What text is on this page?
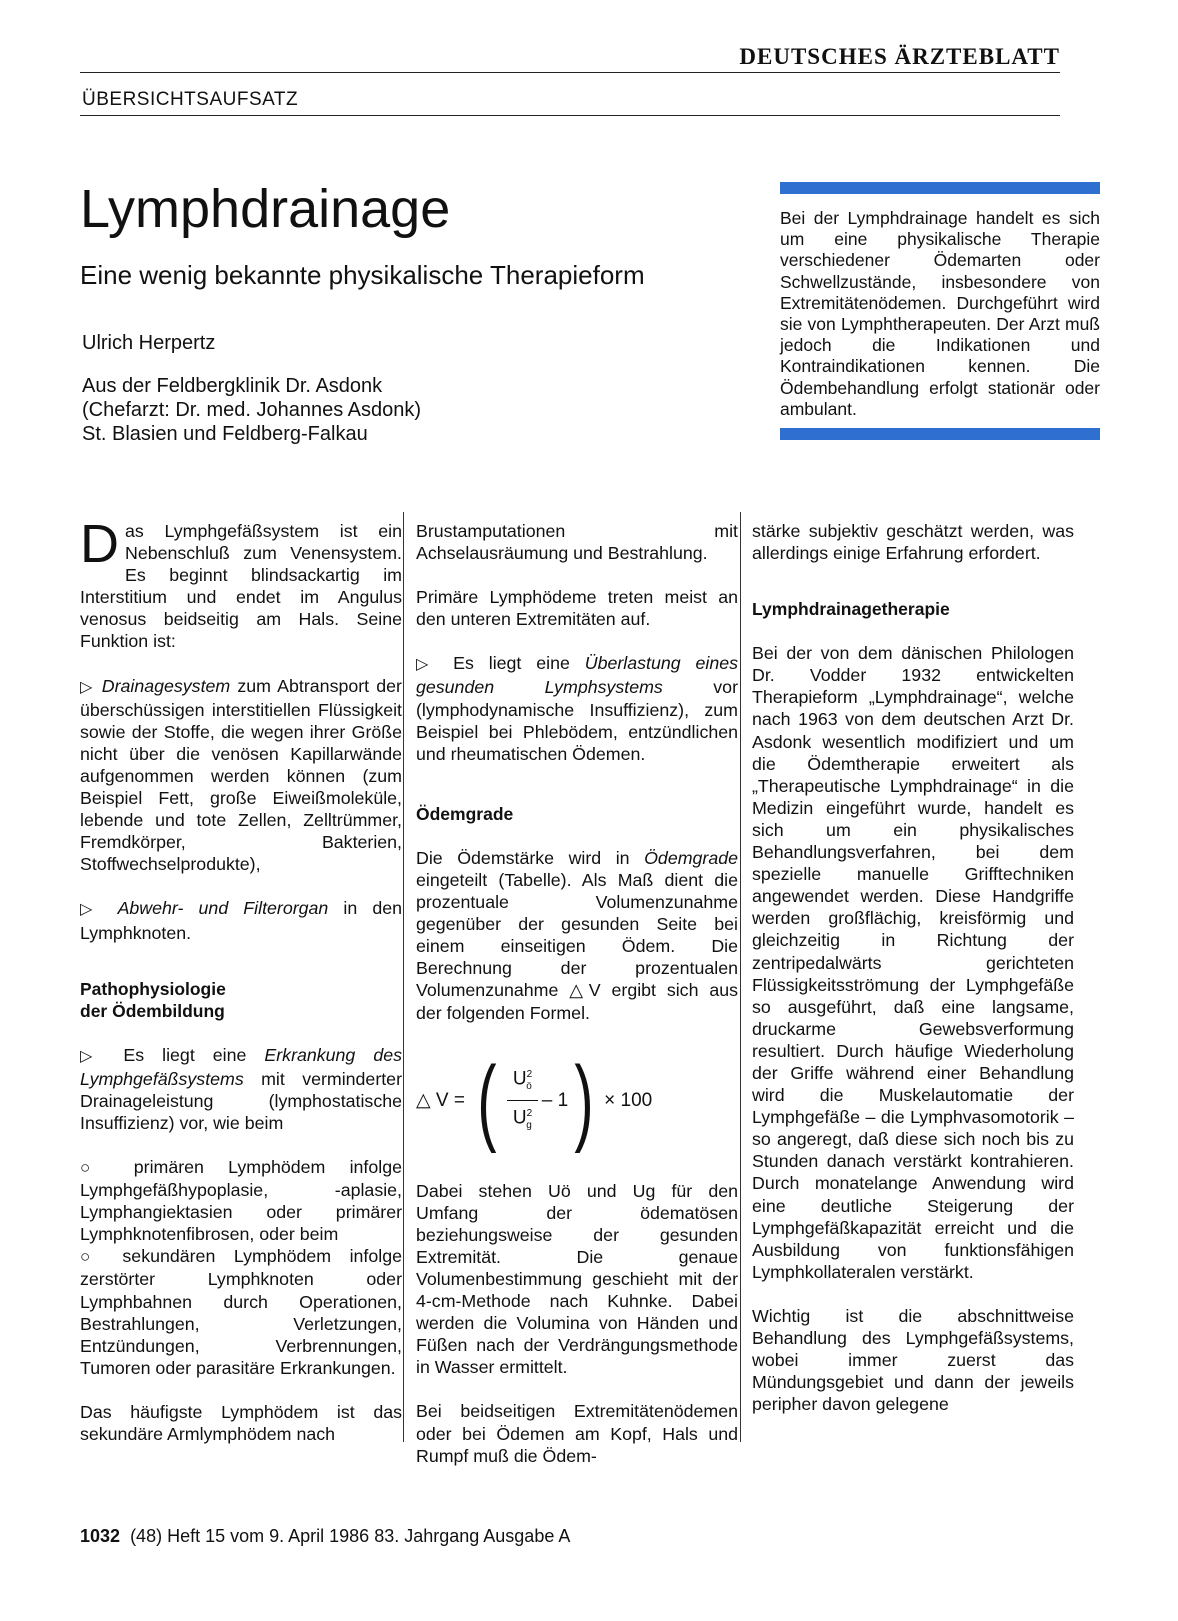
DEUTSCHES ÄRZTEBLATT
ÜBERSICHTSAUFSATZ
Lymphdrainage
Eine wenig bekannte physikalische Therapieform
Ulrich Herpertz
Aus der Feldbergklinik Dr. Asdonk
(Chefarzt: Dr. med. Johannes Asdonk)
St. Blasien und Feldberg-Falkau
Bei der Lymphdrainage handelt es sich um eine physikalische Therapie verschiedener Ödemarten oder Schwellzustände, insbesondere von Extremitätenödemen. Durchgeführt wird sie von Lymphtherapeuten. Der Arzt muß jedoch die Indikationen und Kontraindikationen kennen. Die Ödembehandlung erfolgt stationär oder ambulant.

Das Lymphgefäßsystem ist ein Nebenschluß zum Venensystem. Es beginnt blindsackartig im Interstitium und endet im Angulus venosus beidseitig am Hals. Seine Funktion ist:

▷ Drainagesystem zum Abtransport der überschüssigen interstitiellen Flüssigkeit sowie der Stoffe, die wegen ihrer Größe nicht über die venösen Kapillarwände aufgenommen werden können (zum Beispiel Fett, große Eiweißmoleküle, lebende und tote Zellen, Zelltrümmer, Fremdkörper, Bakterien, Stoffwechselprodukte),

▷ Abwehr- und Filterorgan in den Lymphknoten.

Pathophysiologie
der Ödembildung

▷ Es liegt eine Erkrankung des Lymphgefäßsystems mit verminderter Drainageleistung (lymphostatische Insuffizienz) vor, wie beim

○ primären Lymphödem infolge Lymphgefäßhypoplasie, -aplasie, Lymphangiektasien oder primärer Lymphknotenfibrosen, oder beim
○ sekundären Lymphödem infolge zerstörter Lymphknoten oder Lymphbahnen durch Operationen, Bestrahlungen, Verletzungen, Entzündungen, Verbrennungen, Tumoren oder parasitäre Erkrankungen.

Das häufigste Lymphödem ist das sekundäre Armlymphödem nach

Brustamputationen mit Achselausräumung und Bestrahlung.

Primäre Lymphödeme treten meist an den unteren Extremitäten auf.

▷ Es liegt eine Überlastung eines gesunden Lymphsystems vor (lymphodynamische Insuffizienz), zum Beispiel bei Phlebödem, entzündlichen und rheumatischen Ödemen.

Ödemgrade

Die Ödemstärke wird in Ödemgrade eingeteilt (Tabelle). Als Maß dient die prozentuale Volumenzunahme gegenüber der gesunden Seite bei einem einseitigen Ödem. Die Berechnung der prozentualen Volumenzunahme △V ergibt sich aus der folgenden Formel.

△ V = ( $\frac{U^2_ö}{U^2_g} - 1$ ) × 100

Dabei stehen Uö und Ug für den Umfang der ödematösen beziehungsweise der gesunden Extremität. Die genaue Volumenbestimmung geschieht mit der 4-cm-Methode nach Kuhnke. Dabei werden die Volumina von Händen und Füßen nach der Verdrängungsmethode in Wasser ermittelt.

Bei beidseitigen Extremitätenödemen oder bei Ödemen am Kopf, Hals und Rumpf muß die Ödem-

stärke subjektiv geschätzt werden, was allerdings einige Erfahrung erfordert.

Lymphdrainagetherapie

Bei der von dem dänischen Philologen Dr. Vodder 1932 entwickelten Therapieform „Lymphdrainage“, welche nach 1963 von dem deutschen Arzt Dr. Asdonk wesentlich modifiziert und um die Ödemtherapie erweitert als „Therapeutische Lymphdrainage“ in die Medizin eingeführt wurde, handelt es sich um ein physikalisches Behandlungsverfahren, bei dem spezielle manuelle Grifftechniken angewendet werden. Diese Handgriffe werden großflächig, kreisförmig und gleichzeitig in Richtung der zentripedalwärts gerichteten Flüssigkeitsströmung der Lymphgefäße so ausgeführt, daß eine langsame, druckarme Gewebsverformung resultiert. Durch häufige Wiederholung der Griffe während einer Behandlung wird die Muskelautomatie der Lymphgefäße – die Lymphvasomotorik – so angeregt, daß diese sich noch bis zu Stunden danach verstärkt kontrahieren. Durch monatelange Anwendung wird eine deutliche Steigerung der Lymphgefäßkapazität erreicht und die Ausbildung von funktionsfähigen Lymphkollateralen verstärkt.

Wichtig ist die abschnittweise Behandlung des Lymphgefäßsystems, wobei immer zuerst das Mündungsgebiet und dann der jeweils peripher davon gelegene

1032 (48) Heft 15 vom 9. April 1986 83. Jahrgang Ausgabe A
